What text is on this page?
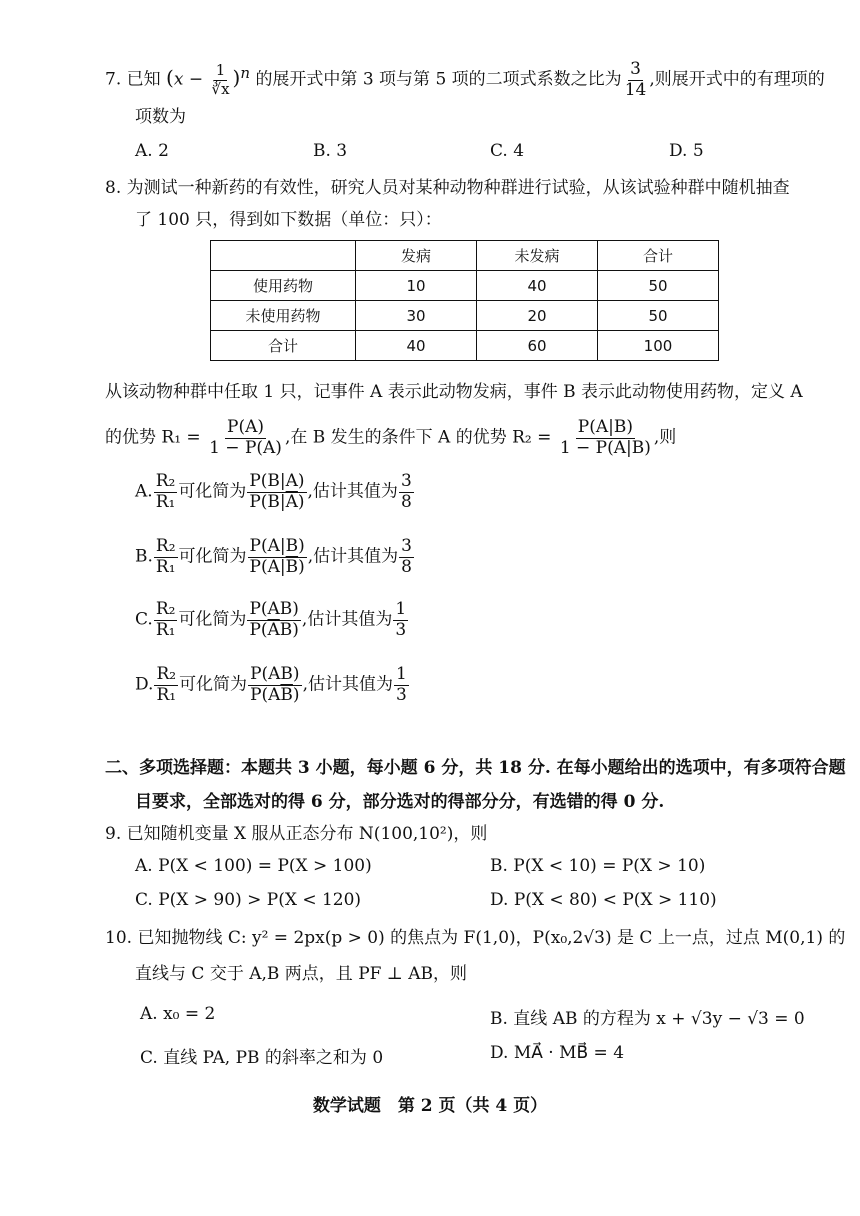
7. 已知 $(x - \frac{1}{∛x} )^n$ 的展开式中第 3 项与第 5 项的二项式系数之比为 $\frac{3}{14}$ ,则展开式中的有理项的
项数为
A. 2	B. 3	C. 4	D. 5
8. 为测试一种新药的有效性，研究人员对某种动物种群进行试验，从该试验种群中随机抽查
了 100 只，得到如下数据（单位：只）：
	发病	未发病	合计
使用药物	10	40	50
未使用药物	30	20	50
合计	40	60	100
从该动物种群中任取 1 只，记事件 A 表示此动物发病，事件 B 表示此动物使用药物，定义 A
的优势 $R_1 = \frac{P(A)}{1 - P(A)}$ ,在 B 发生的条件下 A 的优势 $R_2 = \frac{P(A|B)}{1 - P(A|B)}$ ,则
A. $\frac{\text{R₂}}{\text{R₁}}$ 可化简为 $\frac{P(B|A)}{P(B|\overline{A})}$ ,估计其值为 $\frac{3}{8}$
B. $\frac{\text{R₂}}{\text{R₁}}$ 可化简为 $\frac{P(A|B)}{P(A|\overline{B})}$ ,估计其值为 $\frac{3}{8}$
C. $\frac{\text{R₂}}{\text{R₁}}$ 可化简为 $\frac{P(AB)}{P(\overline{A}B)}$ ,估计其值为 $\frac{1}{3}$
D. $\frac{\text{R₂}}{\text{R₁}}$ 可化简为 $\frac{P(AB)}{P(A\overline{B})}$ ,估计其值为 $\frac{1}{3}$
二、多项选择题：本题共 3 小题，每小题 6 分，共 18 分. 在每小题给出的选项中，有多项符合题
目要求，全部选对的得 6 分，部分选对的得部分分，有选错的得 0 分.
9. 已知随机变量 X 服从正态分布 N(100,10²)，则
A. P(X < 100) = P(X > 100)	B. P(X < 10) = P(X > 10)
C. P(X > 90) > P(X < 120)	D. P(X < 80) < P(X > 110)
10. 已知抛物线 C: y² = 2px(p > 0) 的焦点为 F(1,0)，P(x₀,2√3) 是 C 上一点，过点 M(0,1) 的
直线与 C 交于 A,B 两点，且 PF ⊥ AB，则
A. x₀ = 2	B. 直线 AB 的方程为 x + √3y − √3 = 0
C. 直线 PA, PB 的斜率之和为 0	D. MA⃗ · MB⃗ = 4
数学试题　第 2 页（共 4 页）
